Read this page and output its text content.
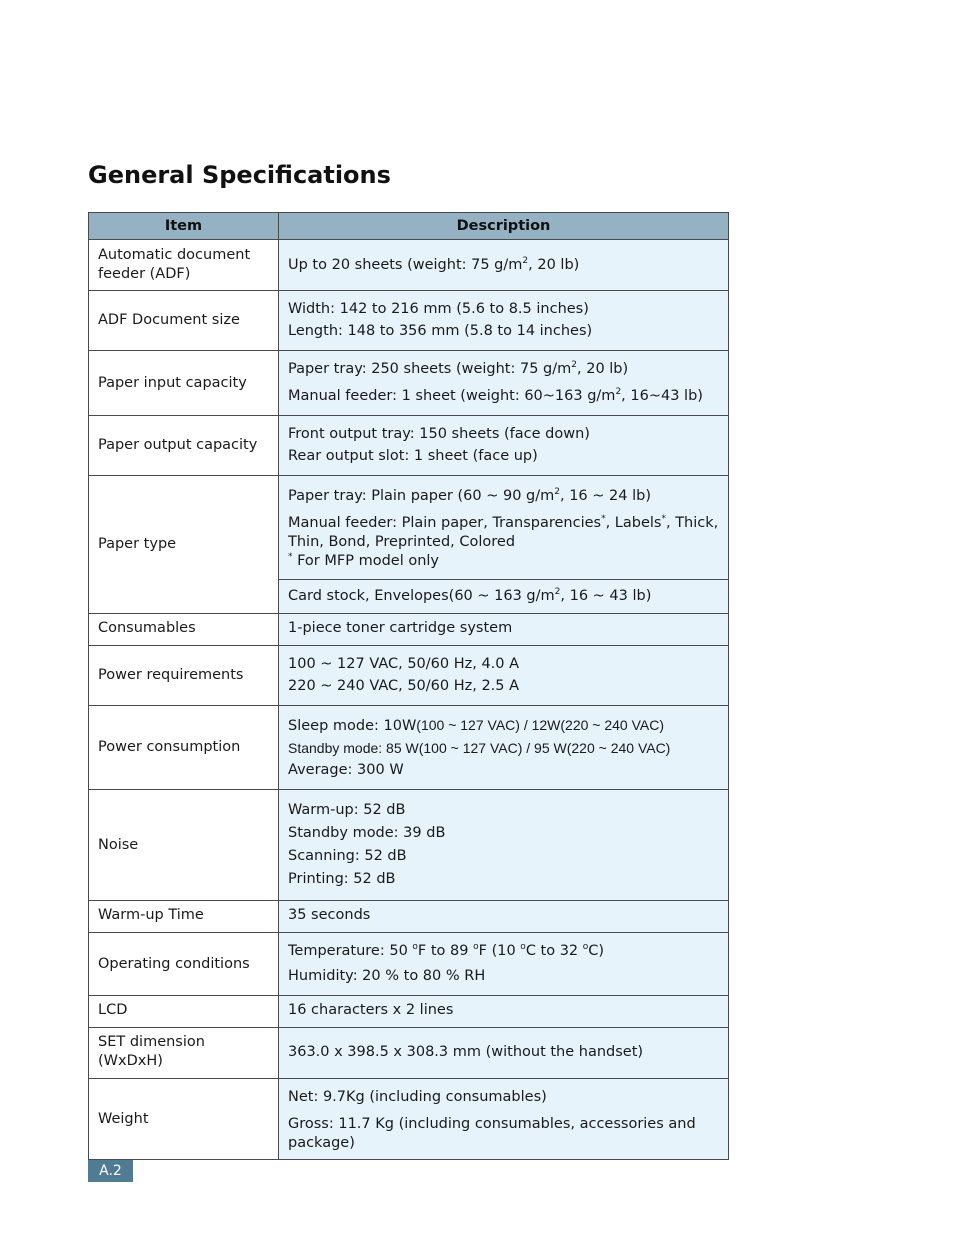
General Specifications
Item	Description
Automatic document feeder (ADF)	Up to 20 sheets (weight: 75 $g/m^2$, 20 lb)
ADF Document size	Width: 142 to 216 mm (5.6 to 8.5 inches)
Length: 148 to 356 mm (5.8 to 14 inches)

Paper input capacity	Paper tray: 250 sheets (weight: 75 $g/m^2$, 20 lb)
Manual feeder: 1 sheet (weight: 60~163 $g/m^2$, 16~43 lb)

Paper output capacity	Front output tray: 150 sheets (face down)
Rear output slot: 1 sheet (face up)

Paper type	Paper tray: Plain paper (60 ~ 90 $g/m^2$, 16 ~ 24 lb)
Manual feeder: Plain paper, Transparencies*, Labels*, Thick, Thin, Bond, Preprinted, Colored
* For MFP model only

	Card stock, Envelopes(60 ~ 163 $g/m^2$, 16 ~ 43 lb)
Consumables	1-piece toner cartridge system
Power requirements	100 ~ 127 VAC, 50/60 Hz, 4.0 A
220 ~ 240 VAC, 50/60 Hz, 2.5 A

Power consumption	Sleep mode: 10W(100 ~ 127 VAC) / 12W(220 ~ 240 VAC)
Standby mode: 85 W(100 ~ 127 VAC) / 95 W(220 ~ 240 VAC)
Average: 300 W

Noise	Warm-up: 52 dB
Standby mode: 39 dB
Scanning: 52 dB
Printing: 52 dB

Warm-up Time	35 seconds
Operating conditions	Temperature: 50 $^o$F to 89 $^o$F (10 $^o$C to 32 $^o$C)
Humidity: 20 % to 80 % RH

LCD	16 characters x 2 lines
SET dimension (WxDxH)	363.0 x 398.5 x 308.3 mm (without the handset)
Weight	Net: 9.7Kg (including consumables)
Gross: 11.7 Kg (including consumables, accessories and package)
A.2
